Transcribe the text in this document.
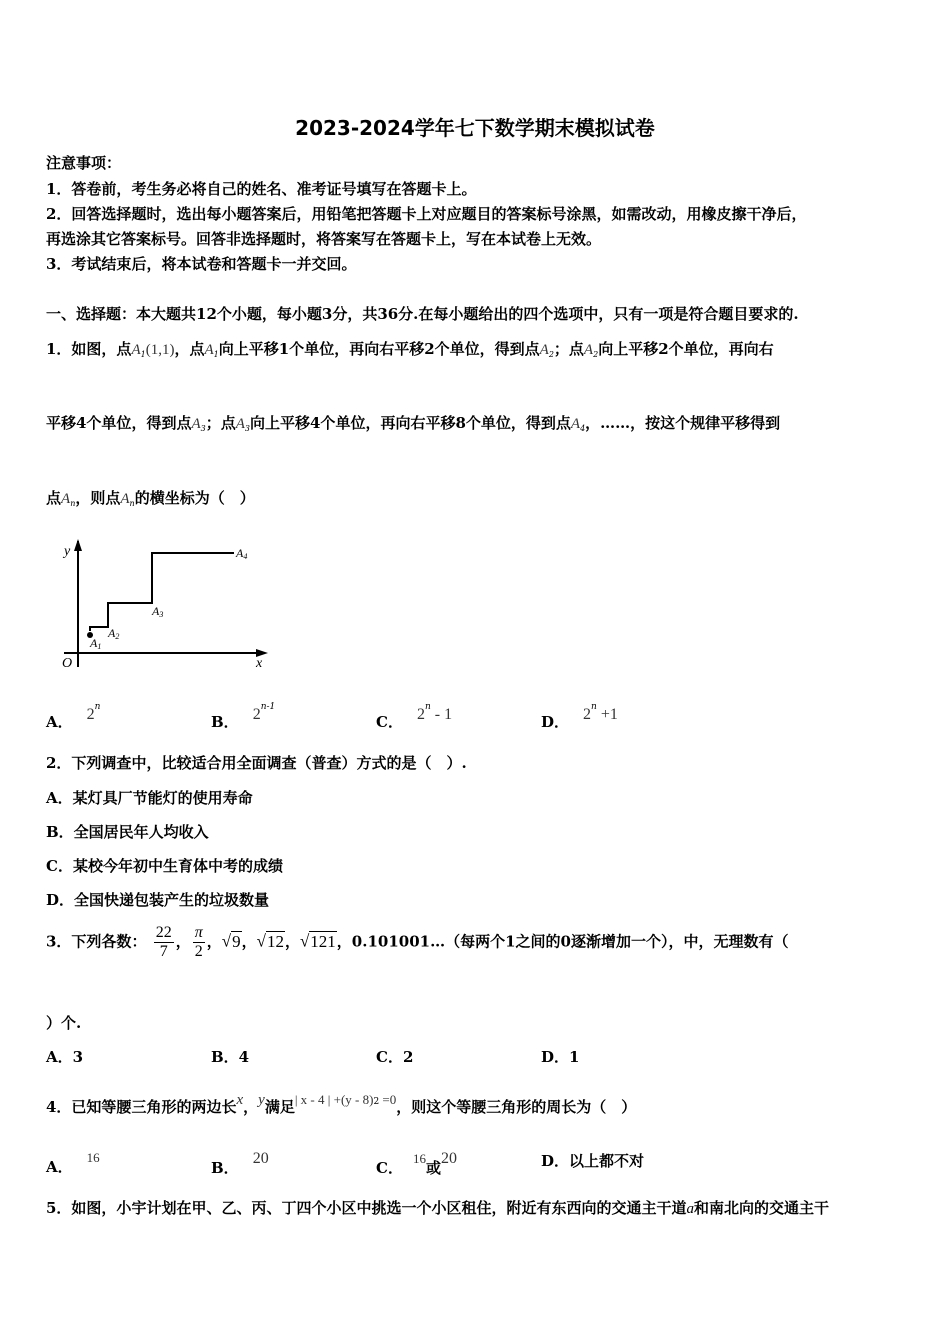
2023-2024学年七下数学期末模拟试卷
注意事项：
1．答卷前，考生务必将自己的姓名、准考证号填写在答题卡上。
2．回答选择题时，选出每小题答案后，用铅笔把答题卡上对应题目的答案标号涂黑，如需改动，用橡皮擦干净后，
再选涂其它答案标号。回答非选择题时，将答案写在答题卡上，写在本试卷上无效。
3．考试结束后，将本试卷和答题卡一并交回。
一、选择题：本大题共12个小题，每小题3分，共36分.在每小题给出的四个选项中，只有一项是符合题目要求的.
1．如图，点$A_1(1,1)$，点$A_1$向上平移1个单位，再向右平移2个单位，得到点$A_2$；点$A_2$向上平移2个单位，再向右
平移4个单位，得到点$A_3$；点$A_3$向上平移4个单位，再向右平移8个单位，得到点$A_4$，……，按这个规律平移得到
点$A_n$，则点$A_n$的横坐标为（　）
y
x
O
A1
A2
A3
A4
A． 2$^n$
B． 2$^{n-1}$
C． 2$^n$ - 1	D． $2^n +1$
2．下列调查中，比较适合用全面调查（普查）方式的是（　）.
A．某灯具厂节能灯的使用寿命
B．全国居民年人均收入
C．某校今年初中生育体中考的成绩
D．全国快递包装产生的垃圾数量
3．下列各数： $\frac{22}{7}$ ， $\frac{\pi}{2}$ ，√9，√12，√121，0.101001…（每两个1之间的0逐渐增加一个），中，无理数有（
）个.
A．3	B．4	C．2	D．1
4．已知等腰三角形的两边长x，y满足| x - 4 | +(y - 8)$^2$ =0，则这个等腰三角形的周长为（　）
A．16
B．20
C．16或20	D．以上都不对
5．如图，小宇计划在甲、乙、丙、丁四个小区中挑选一个小区租住，附近有东西向的交通主干道a和南北向的交通主干
